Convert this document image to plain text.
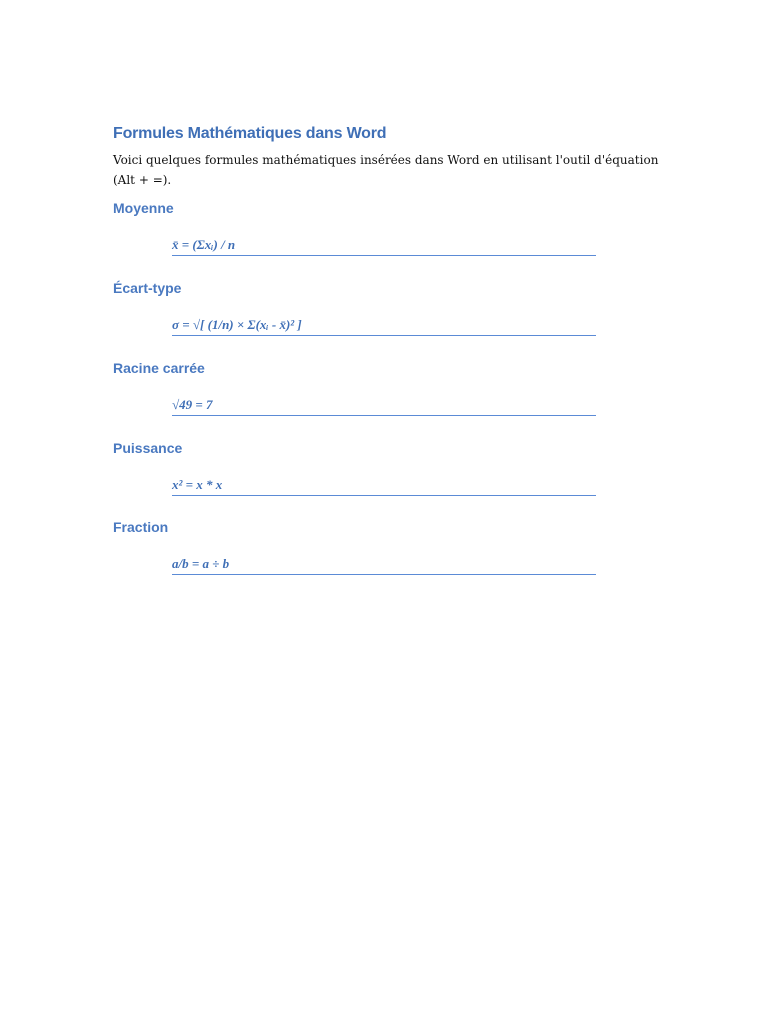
Formules Mathématiques dans Word
Voici quelques formules mathématiques insérées dans Word en utilisant l'outil d'équation (Alt + =).
Moyenne
x̄ = (Σxᵢ) / n
Écart-type
σ = √[ (1/n) × Σ(xᵢ - x̄)² ]
Racine carrée
√49 = 7
Puissance
x² = x * x
Fraction
a/b = a ÷ b
